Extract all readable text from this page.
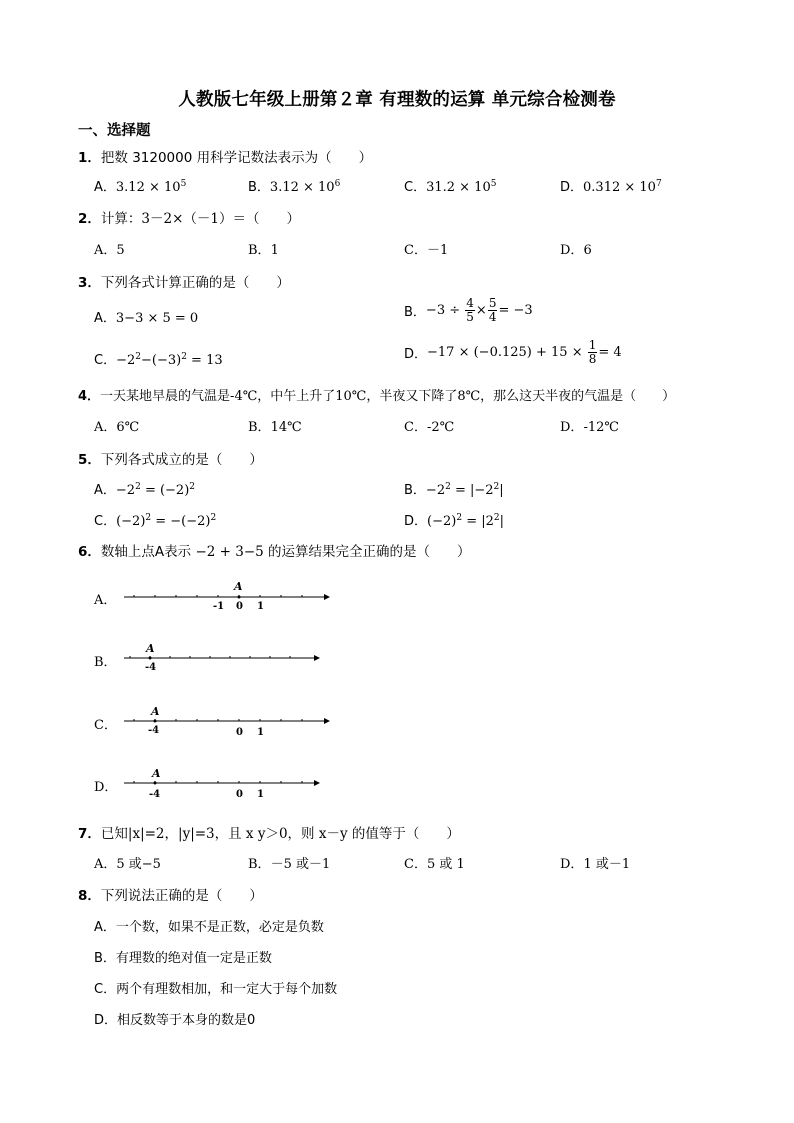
人教版七年级上册第２章 有理数的运算 单元综合检测卷
一、选择题
1．把数 3120000 用科学记数法表示为（　　）
A．$3.12 \times 10^5$	B．$3.12 \times 10^6$	C．$31.2 \times 10^5$	D．$0.312 \times 10^7$
2．计算：3－2×（－1）＝（　　）
A．5	B．1	C．－1	D．6
3．下列各式计算正确的是（　　）
A．3−3 × 5 = 0	B．$-3 \div \frac{4}{5} \times \frac{5}{4} = -3$
C．$-2^2-(-3)^2 = 13$	D．$-17 \times (-0.125) + 15 \times \frac{1}{8} = 4$
4．一天某地早晨的气温是-4℃，中午上升了10℃，半夜又下降了8℃，那么这天半夜的气温是（　　）
A．6℃	B．14℃	C．-2℃	D．-12℃
5．下列各式成立的是（　　）
A．$-2^2 = (-2)^2$	B．$-2^2 = |-2^2|$
C．$(-2)^2 = -(-2)^2$	D．$(-2)^2 = |2^2|$
6．数轴上点A表示 −2 + 3−5 的运算结果完全正确的是（　　）
A．
A
-1 0 1
B．
A
-4
C．
A
-4	0 1
D．
A
-4	0 1
7．已知|x|=2，|y|=3，且 x y＞0，则 x－y 的值等于（　　）
A．5 或−5	B．－5 或－1	C．5 或 1	D．1 或－1
8．下列说法正确的是（　　）
A．一个数，如果不是正数，必定是负数
B．有理数的绝对值一定是正数
C．两个有理数相加，和一定大于每个加数
D．相反数等于本身的数是0
